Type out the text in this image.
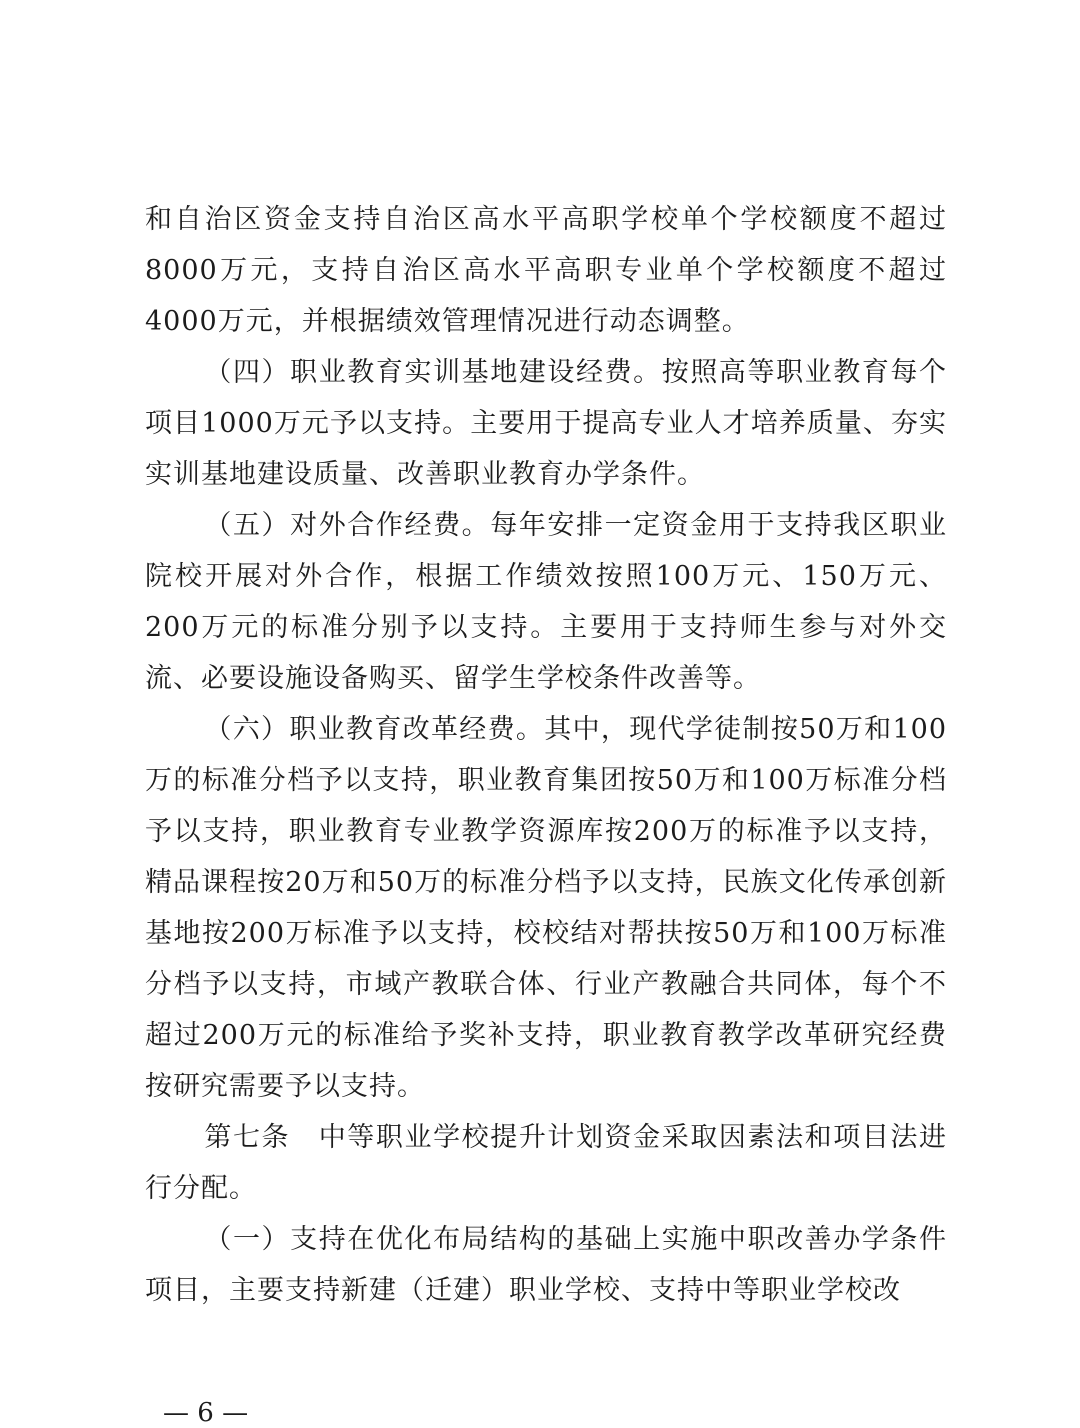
和自治区资金支持自治区高水平高职学校单个学校额度不超过8000万元，支持自治区高水平高职专业单个学校额度不超过4000万元，并根据绩效管理情况进行动态调整。

（四）职业教育实训基地建设经费。按照高等职业教育每个项目1000万元予以支持。主要用于提高专业人才培养质量、夯实实训基地建设质量、改善职业教育办学条件。

（五）对外合作经费。每年安排一定资金用于支持我区职业院校开展对外合作，根据工作绩效按照100万元、150万元、200万元的标准分别予以支持。主要用于支持师生参与对外交流、必要设施设备购买、留学生学校条件改善等。

（六）职业教育改革经费。其中，现代学徒制按50万和100万的标准分档予以支持，职业教育集团按50万和100万标准分档予以支持，职业教育专业教学资源库按200万的标准予以支持，精品课程按20万和50万的标准分档予以支持，民族文化传承创新基地按200万标准予以支持，校校结对帮扶按50万和100万标准分档予以支持，市域产教联合体、行业产教融合共同体，每个不超过200万元的标准给予奖补支持，职业教育教学改革研究经费按研究需要予以支持。

第七条　中等职业学校提升计划资金采取因素法和项目法进行分配。

（一）支持在优化布局结构的基础上实施中职改善办学条件项目，主要支持新建（迁建）职业学校、支持中等职业学校改

— 6 —
